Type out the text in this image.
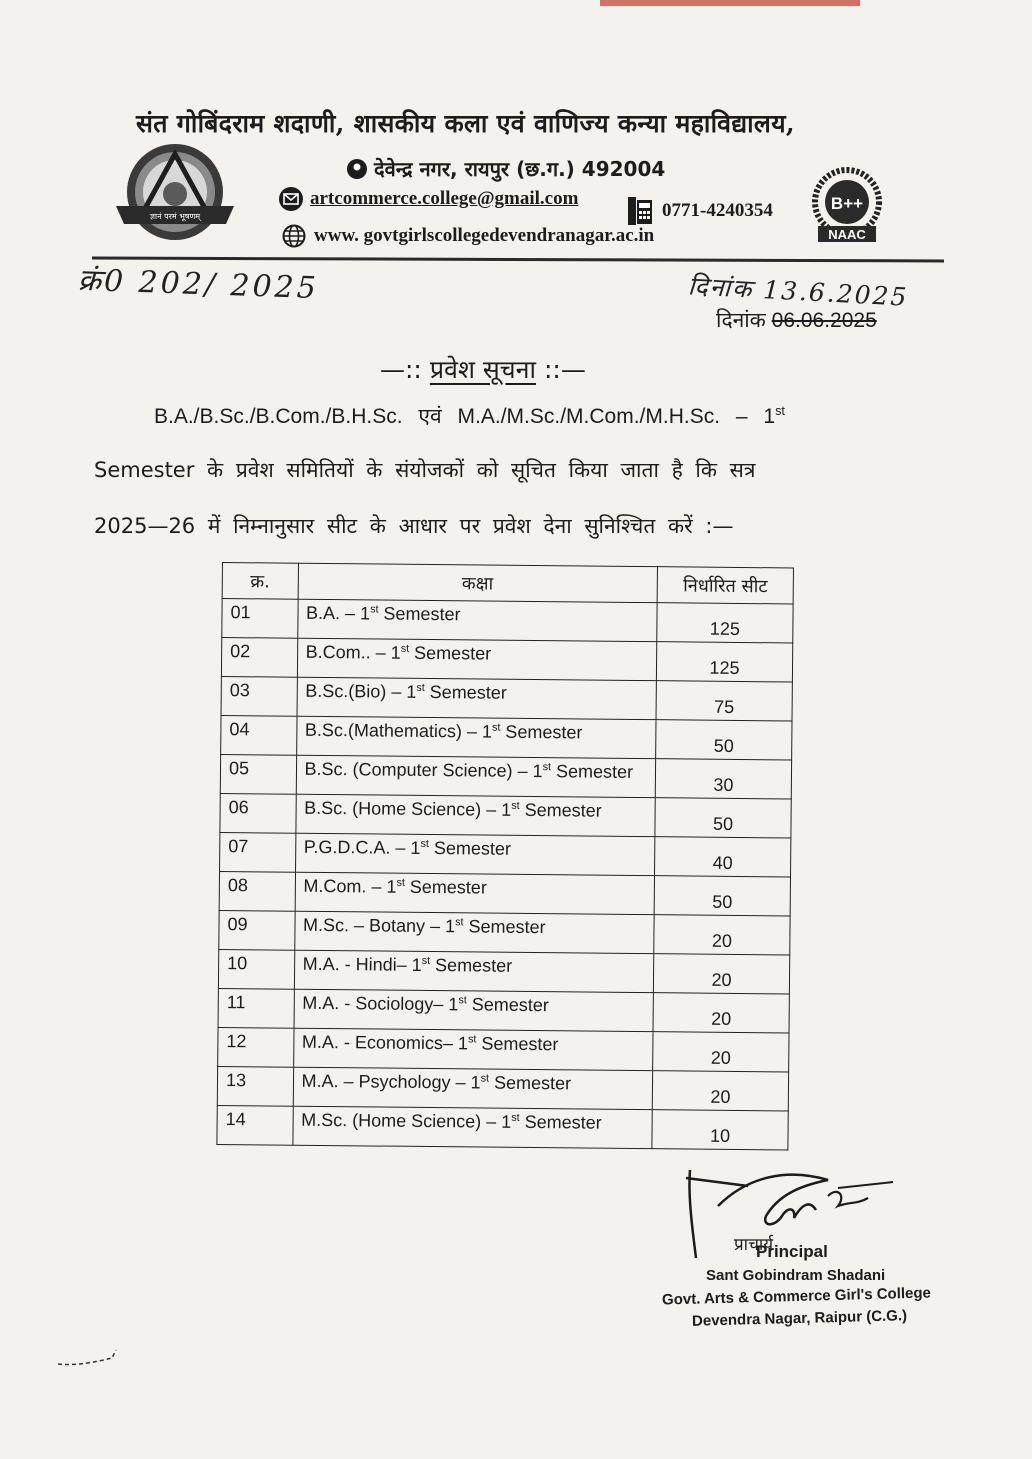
ज्ञानं परमं भूषणम्
B++
NAAC
संत गोबिंदराम शदाणी, शासकीय कला एवं वाणिज्य कन्या महाविद्यालय,
देवेन्द्र नगर, रायपुर (छ.ग.) 492004
artcommerce.college@gmail.com
0771-4240354
www. govtgirlscollegedevendranagar.ac.in
क्रं0 202/ 2025	दिनांक 13.6.2025
दिनांक 06.06.2025
—:: प्रवेश सूचना ::—
B.A./B.Sc./B.Com./B.H.Sc. एवं M.A./M.Sc./M.Com./M.H.Sc. – 1st
Semester के प्रवेश समितियों के संयोजकों को सूचित किया जाता है कि सत्र
2025—26 में निम्नानुसार सीट के आधार पर प्रवेश देना सुनिश्चित करें :—
क्र.	कक्षा	निर्धारित सीट
01	B.A. – 1st Semester	125
02	B.Com.. – 1st Semester	125
03	B.Sc.(Bio) – 1st Semester	75
04	B.Sc.(Mathematics) – 1st Semester	50
05	B.Sc. (Computer Science) – 1st Semester	30
06	B.Sc. (Home Science) – 1st Semester	50
07	P.G.D.C.A. – 1st Semester	40
08	M.Com. – 1st Semester	50
09	M.Sc. – Botany – 1st Semester	20
10	M.A. - Hindi– 1st Semester	20
11	M.A. - Sociology– 1st Semester	20
12	M.A. - Economics– 1st Semester	20
13	M.A. – Psychology – 1st Semester	20
14	M.Sc. (Home Science) – 1st Semester	10
प्राचार्य
Principal
Sant Gobindram Shadani
Govt. Arts & Commerce Girl's College
Devendra Nagar, Raipur (C.G.)
